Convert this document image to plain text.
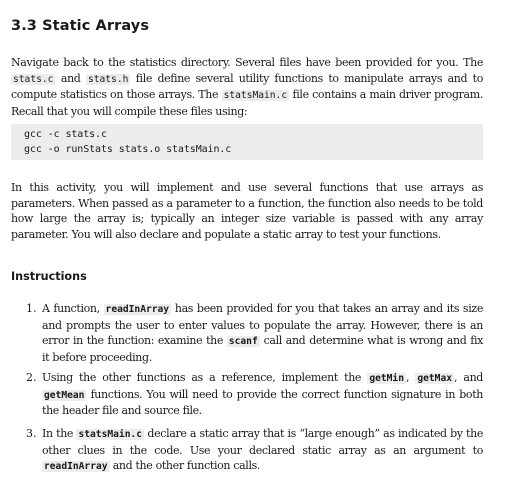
3.3 Static Arrays

Navigate back to the statistics directory. Several files have been provided for you. The stats.c and stats.h file define several utility functions to manipulate arrays and to compute statistics on those arrays. The statsMain.c file contains a main driver program. Recall that you will compile these files using:

gcc -c stats.c
gcc -o runStats stats.o statsMain.c

In this activity, you will implement and use several functions that use arrays as parameters. When passed as a parameter to a function, the function also needs to be told how large the array is; typically an integer size variable is passed with any array parameter. You will also declare and populate a static array to test your functions.

Instructions
1. A function, readInArray has been provided for you that takes an array and its size and prompts the user to enter values to populate the array. However, there is an error in the function: examine the scanf call and determine what is wrong and fix it before proceeding.

2. Using the other functions as a reference, implement the getMin , getMax , and getMean functions. You will need to provide the correct function signature in both the header file and source file.

3. In the statsMain.c declare a static array that is “large enough” as indicated by the other clues in the code. Use your declared static array as an argument to readInArray and the other function calls.
